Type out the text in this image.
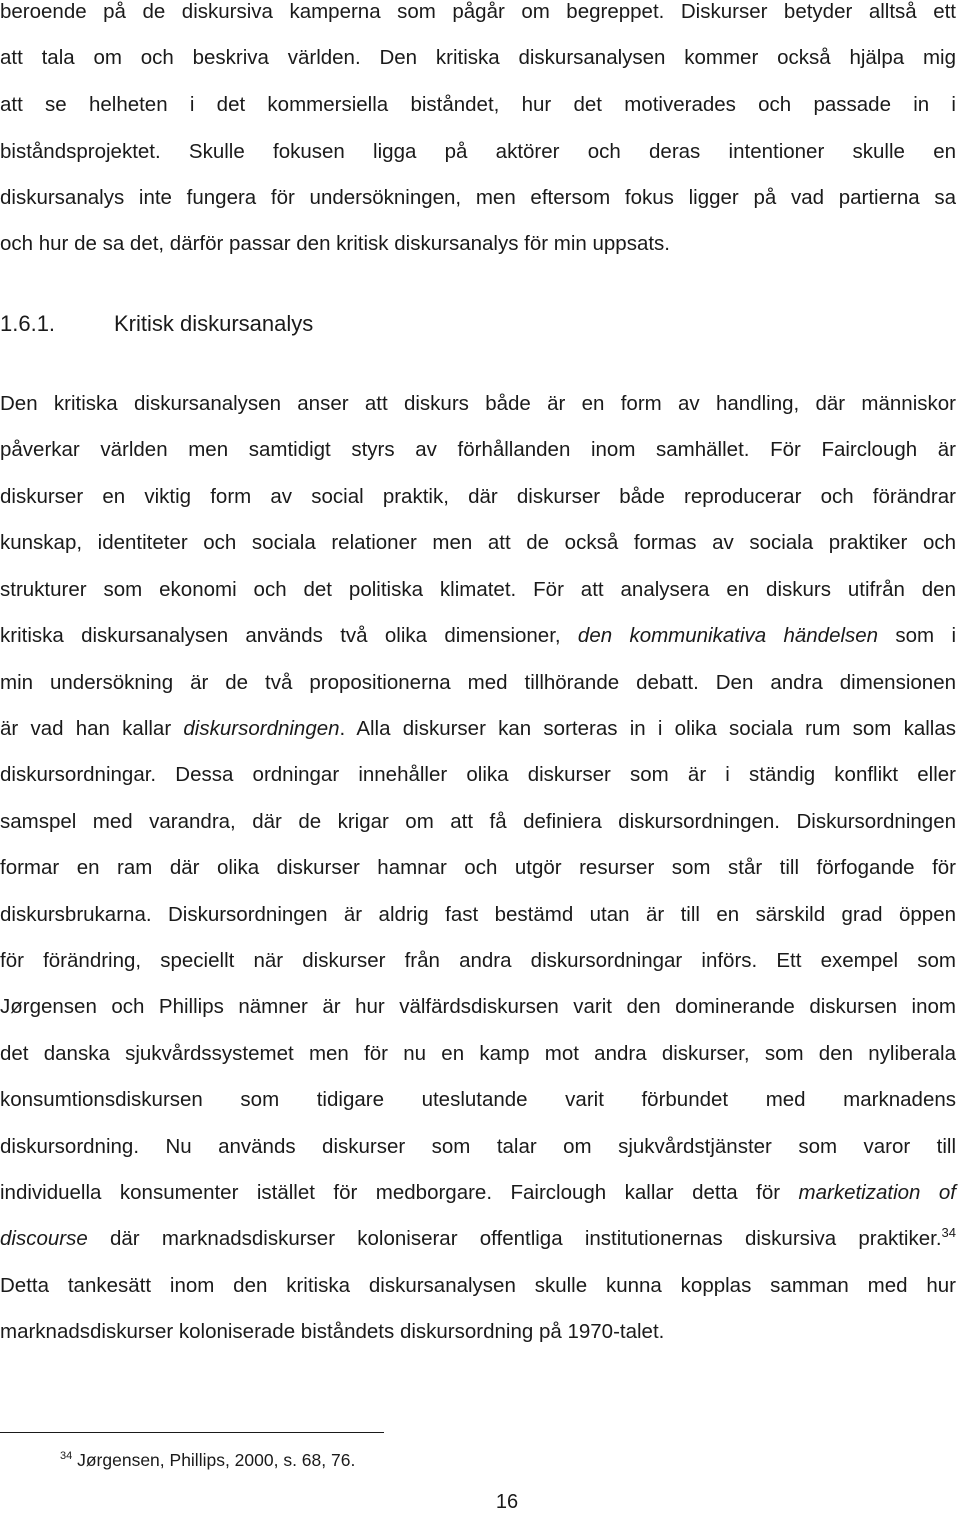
beroende på de diskursiva kamperna som pågår om begreppet. Diskurser betyder alltså ett

att tala om och beskriva världen. Den kritiska diskursanalysen kommer också hjälpa mig

att se helheten i det kommersiella biståndet, hur det motiverades och passade in i

biståndsprojektet. Skulle fokusen ligga på aktörer och deras intentioner skulle en

diskursanalys inte fungera för undersökningen, men eftersom fokus ligger på vad partierna sa

och hur de sa det, därför passar den kritisk diskursanalys för min uppsats.

1.6.1.	Kritisk diskursanalys

Den kritiska diskursanalysen anser att diskurs både är en form av handling, där människor

påverkar världen men samtidigt styrs av förhållanden inom samhället. För Fairclough är

diskurser en viktig form av social praktik, där diskurser både reproducerar och förändrar

kunskap, identiteter och sociala relationer men att de också formas av sociala praktiker och

strukturer som ekonomi och det politiska klimatet. För att analysera en diskurs utifrån den

kritiska diskursanalysen används två olika dimensioner, den kommunikativa händelsen som i

min undersökning är de två propositionerna med tillhörande debatt. Den andra dimensionen

är vad han kallar diskursordningen. Alla diskurser kan sorteras in i olika sociala rum som kallas

diskursordningar. Dessa ordningar innehåller olika diskurser som är i ständig konflikt eller

samspel med varandra, där de krigar om att få definiera diskursordningen. Diskursordningen

formar en ram där olika diskurser hamnar och utgör resurser som står till förfogande för

diskursbrukarna. Diskursordningen är aldrig fast bestämd utan är till en särskild grad öppen

för förändring, speciellt när diskurser från andra diskursordningar införs. Ett exempel som

Jørgensen och Phillips nämner är hur välfärdsdiskursen varit den dominerande diskursen inom

det danska sjukvårdssystemet men för nu en kamp mot andra diskurser, som den nyliberala

konsumtionsdiskursen som tidigare uteslutande varit förbundet med marknadens

diskursordning. Nu används diskurser som talar om sjukvårdstjänster som varor till

individuella konsumenter istället för medborgare. Fairclough kallar detta för marketization of

discourse där marknadsdiskurser koloniserar offentliga institutionernas diskursiva praktiker.$^{34}$

Detta tankesätt inom den kritiska diskursanalysen skulle kunna kopplas samman med hur

marknadsdiskurser koloniserade biståndets diskursordning på 1970-talet.

$^{34}$ Jørgensen, Phillips, 2000, s. 68, 76.

16
